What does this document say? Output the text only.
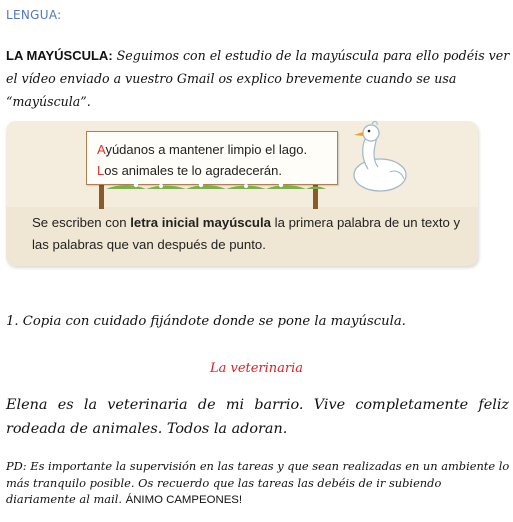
LENGUA:
LA MAYÚSCULA: Seguimos con el estudio de la mayúscula para ello podéis ver el vídeo enviado a vuestro Gmail os explico brevemente cuando se usa “mayúscula”.
Ayúdanos a mantener limpio el lago.
Los animales te lo agradecerán.
Se escriben con letra inicial mayúscula la primera palabra de un texto y las palabras que van después de punto.
1. Copia con cuidado fijándote donde se pone la mayúscula.
La veterinaria
Elena es la veterinaria de mi barrio. Vive completamente feliz rodeada de animales. Todos la adoran.
PD: Es importante la supervisión en las tareas y que sean realizadas en un ambiente lo más tranquilo posible. Os recuerdo que las tareas las debéis de ir subiendo diariamente al mail. ÁNIMO CAMPEONES!
